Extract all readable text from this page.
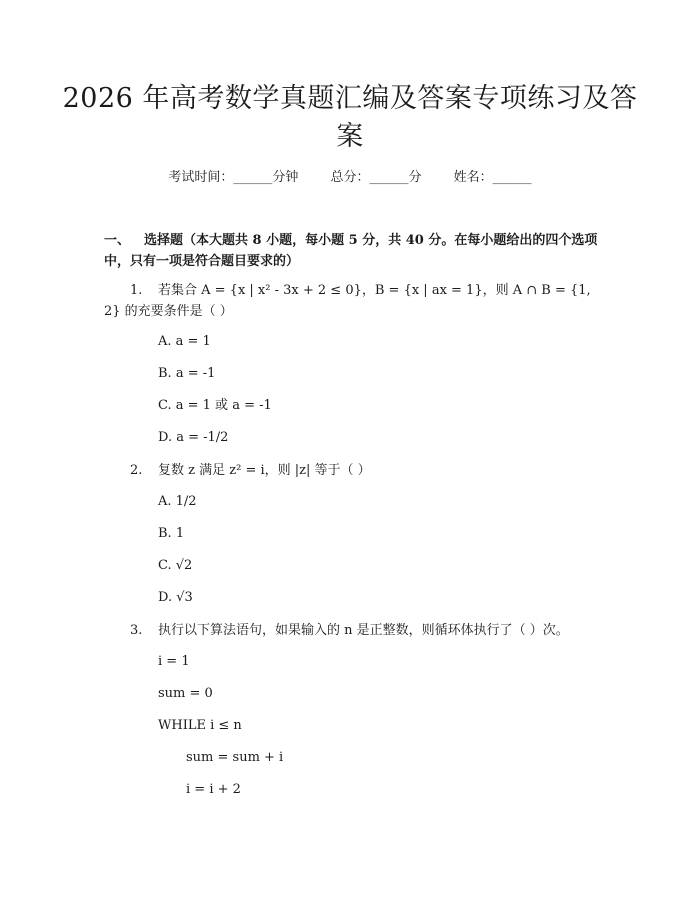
2026 年高考数学真题汇编及答案专项练习及答案
考试时间：______分钟 总分：______分 姓名：______
一、 选择题（本大题共 8 小题，每小题 5 分，共 40 分。在每小题给出的四个选项中，只有一项是符合题目要求的）
1. 若集合 A = {x | x² - 3x + 2 ≤ 0}，B = {x | ax = 1}，则 A ∩ B = {1, 2} 的充要条件是（ ）
A. a = 1
B. a = -1
C. a = 1 或 a = -1
D. a = -1/2
2. 复数 z 满足 z² = i，则 |z| 等于（ ）
A. 1/2
B. 1
C. √2
D. √3
3. 执行以下算法语句，如果输入的 n 是正整数，则循环体执行了（ ）次。
i = 1
sum = 0
WHILE i ≤ n
sum = sum + i
i = i + 2
